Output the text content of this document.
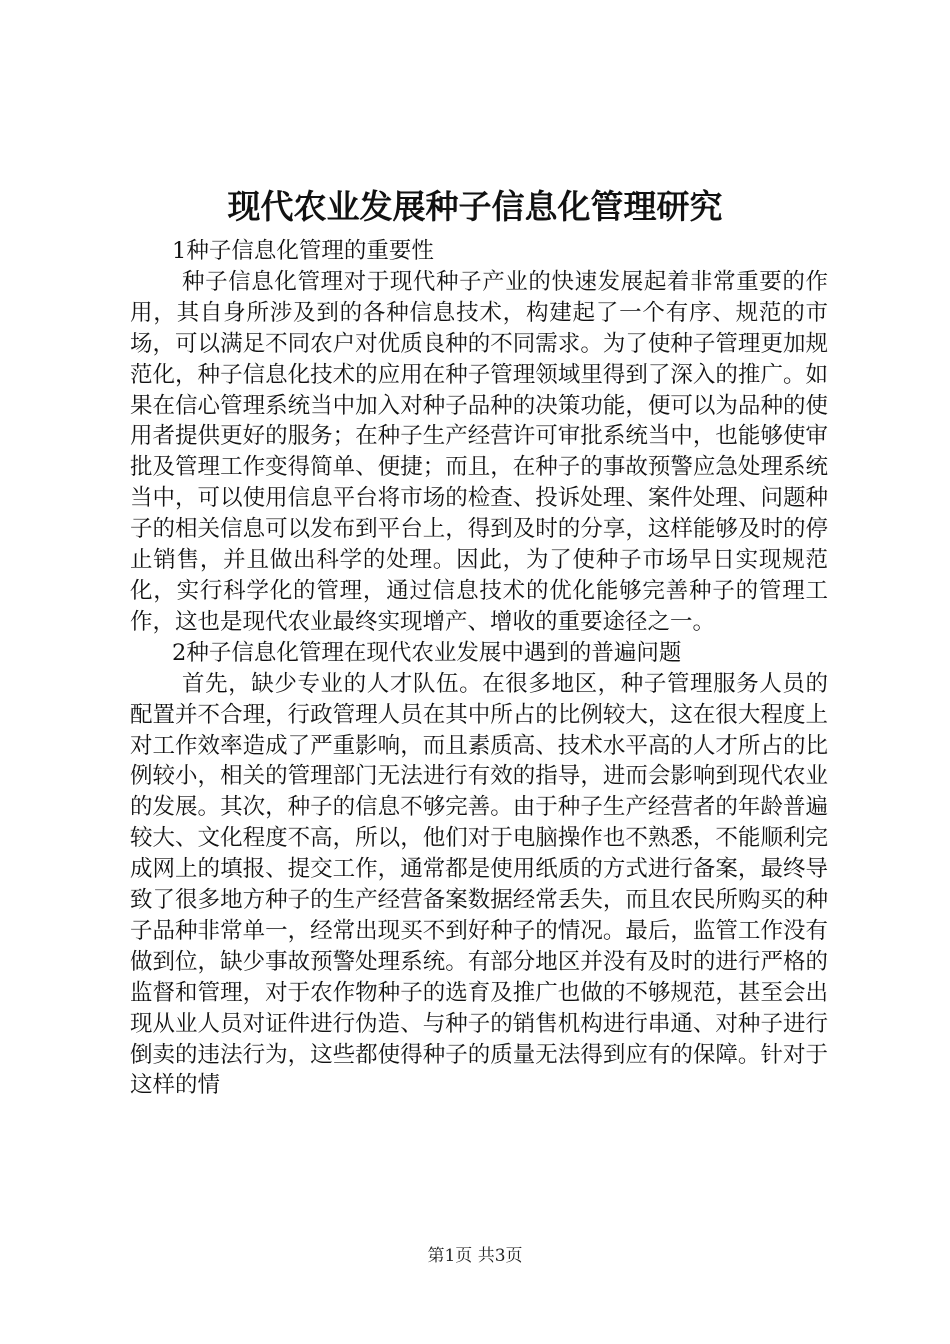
现代农业发展种子信息化管理研究

1种子信息化管理的重要性

种子信息化管理对于现代种子产业的快速发展起着非常重要的作用，其自身所涉及到的各种信息技术，构建起了一个有序、规范的市场，可以满足不同农户对优质良种的不同需求。为了使种子管理更加规范化，种子信息化技术的应用在种子管理领域里得到了深入的推广。如果在信心管理系统当中加入对种子品种的决策功能，便可以为品种的使用者提供更好的服务；在种子生产经营许可审批系统当中，也能够使审批及管理工作变得简单、便捷；而且，在种子的事故预警应急处理系统当中，可以使用信息平台将市场的检查、投诉处理、案件处理、问题种子的相关信息可以发布到平台上，得到及时的分享，这样能够及时的停止销售，并且做出科学的处理。因此，为了使种子市场早日实现规范化，实行科学化的管理，通过信息技术的优化能够完善种子的管理工作，这也是现代农业最终实现增产、增收的重要途径之一。

2种子信息化管理在现代农业发展中遇到的普遍问题

首先，缺少专业的人才队伍。在很多地区，种子管理服务人员的配置并不合理，行政管理人员在其中所占的比例较大，这在很大程度上对工作效率造成了严重影响，而且素质高、技术水平高的人才所占的比例较小，相关的管理部门无法进行有效的指导，进而会影响到现代农业的发展。其次，种子的信息不够完善。由于种子生产经营者的年龄普遍较大、文化程度不高，所以，他们对于电脑操作也不熟悉，不能顺利完成网上的填报、提交工作，通常都是使用纸质的方式进行备案，最终导致了很多地方种子的生产经营备案数据经常丢失，而且农民所购买的种子品种非常单一，经常出现买不到好种子的情况。最后，监管工作没有做到位，缺少事故预警处理系统。有部分地区并没有及时的进行严格的监督和管理，对于农作物种子的选育及推广也做的不够规范，甚至会出现从业人员对证件进行伪造、与种子的销售机构进行串通、对种子进行倒卖的违法行为，这些都使得种子的质量无法得到应有的保障。针对于这样的情

第1页 共3页
